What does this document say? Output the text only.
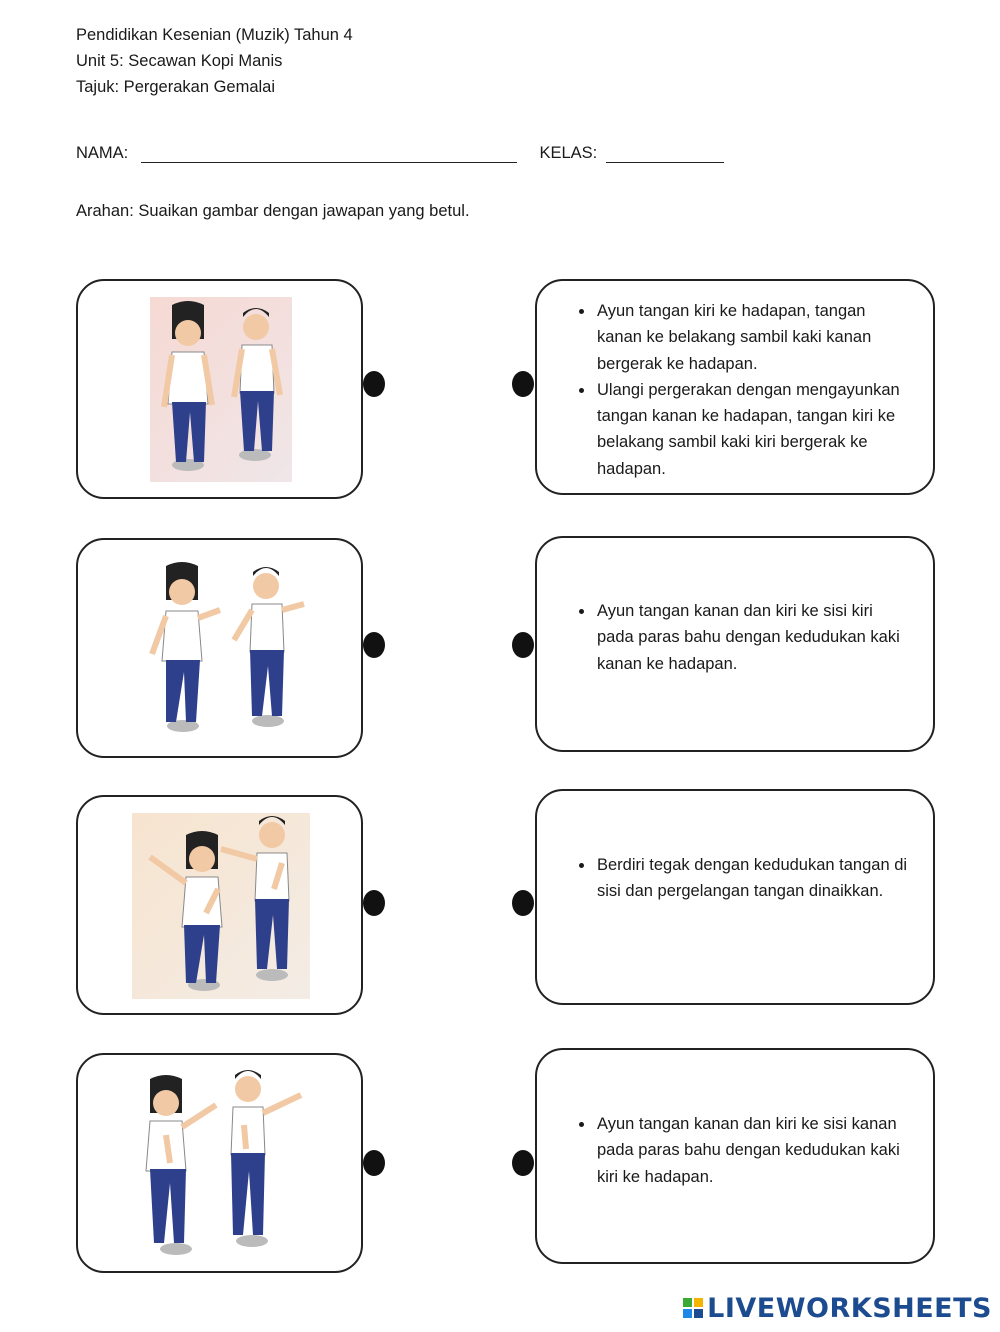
Pendidikan Kesenian (Muzik) Tahun 4
Unit 5: Secawan Kopi Manis
Tajuk: Pergerakan Gemalai
NAMA:	KELAS:
Arahan: Suaikan gambar dengan jawapan yang betul.
• Ayun tangan kiri ke hadapan, tangan kanan ke belakang sambil kaki kanan bergerak ke hadapan.
• Ulangi pergerakan dengan mengayunkan tangan kanan ke hadapan, tangan kiri ke belakang sambil kaki kiri bergerak ke hadapan.
• Ayun tangan kanan dan kiri ke sisi kiri pada paras bahu dengan kedudukan kaki kanan ke hadapan.
• Berdiri tegak dengan kedudukan tangan di sisi dan pergelangan tangan dinaikkan.
• Ayun tangan kanan dan kiri ke sisi kanan pada paras bahu dengan kedudukan kaki kiri ke hadapan.
LIVEWORKSHEETS
